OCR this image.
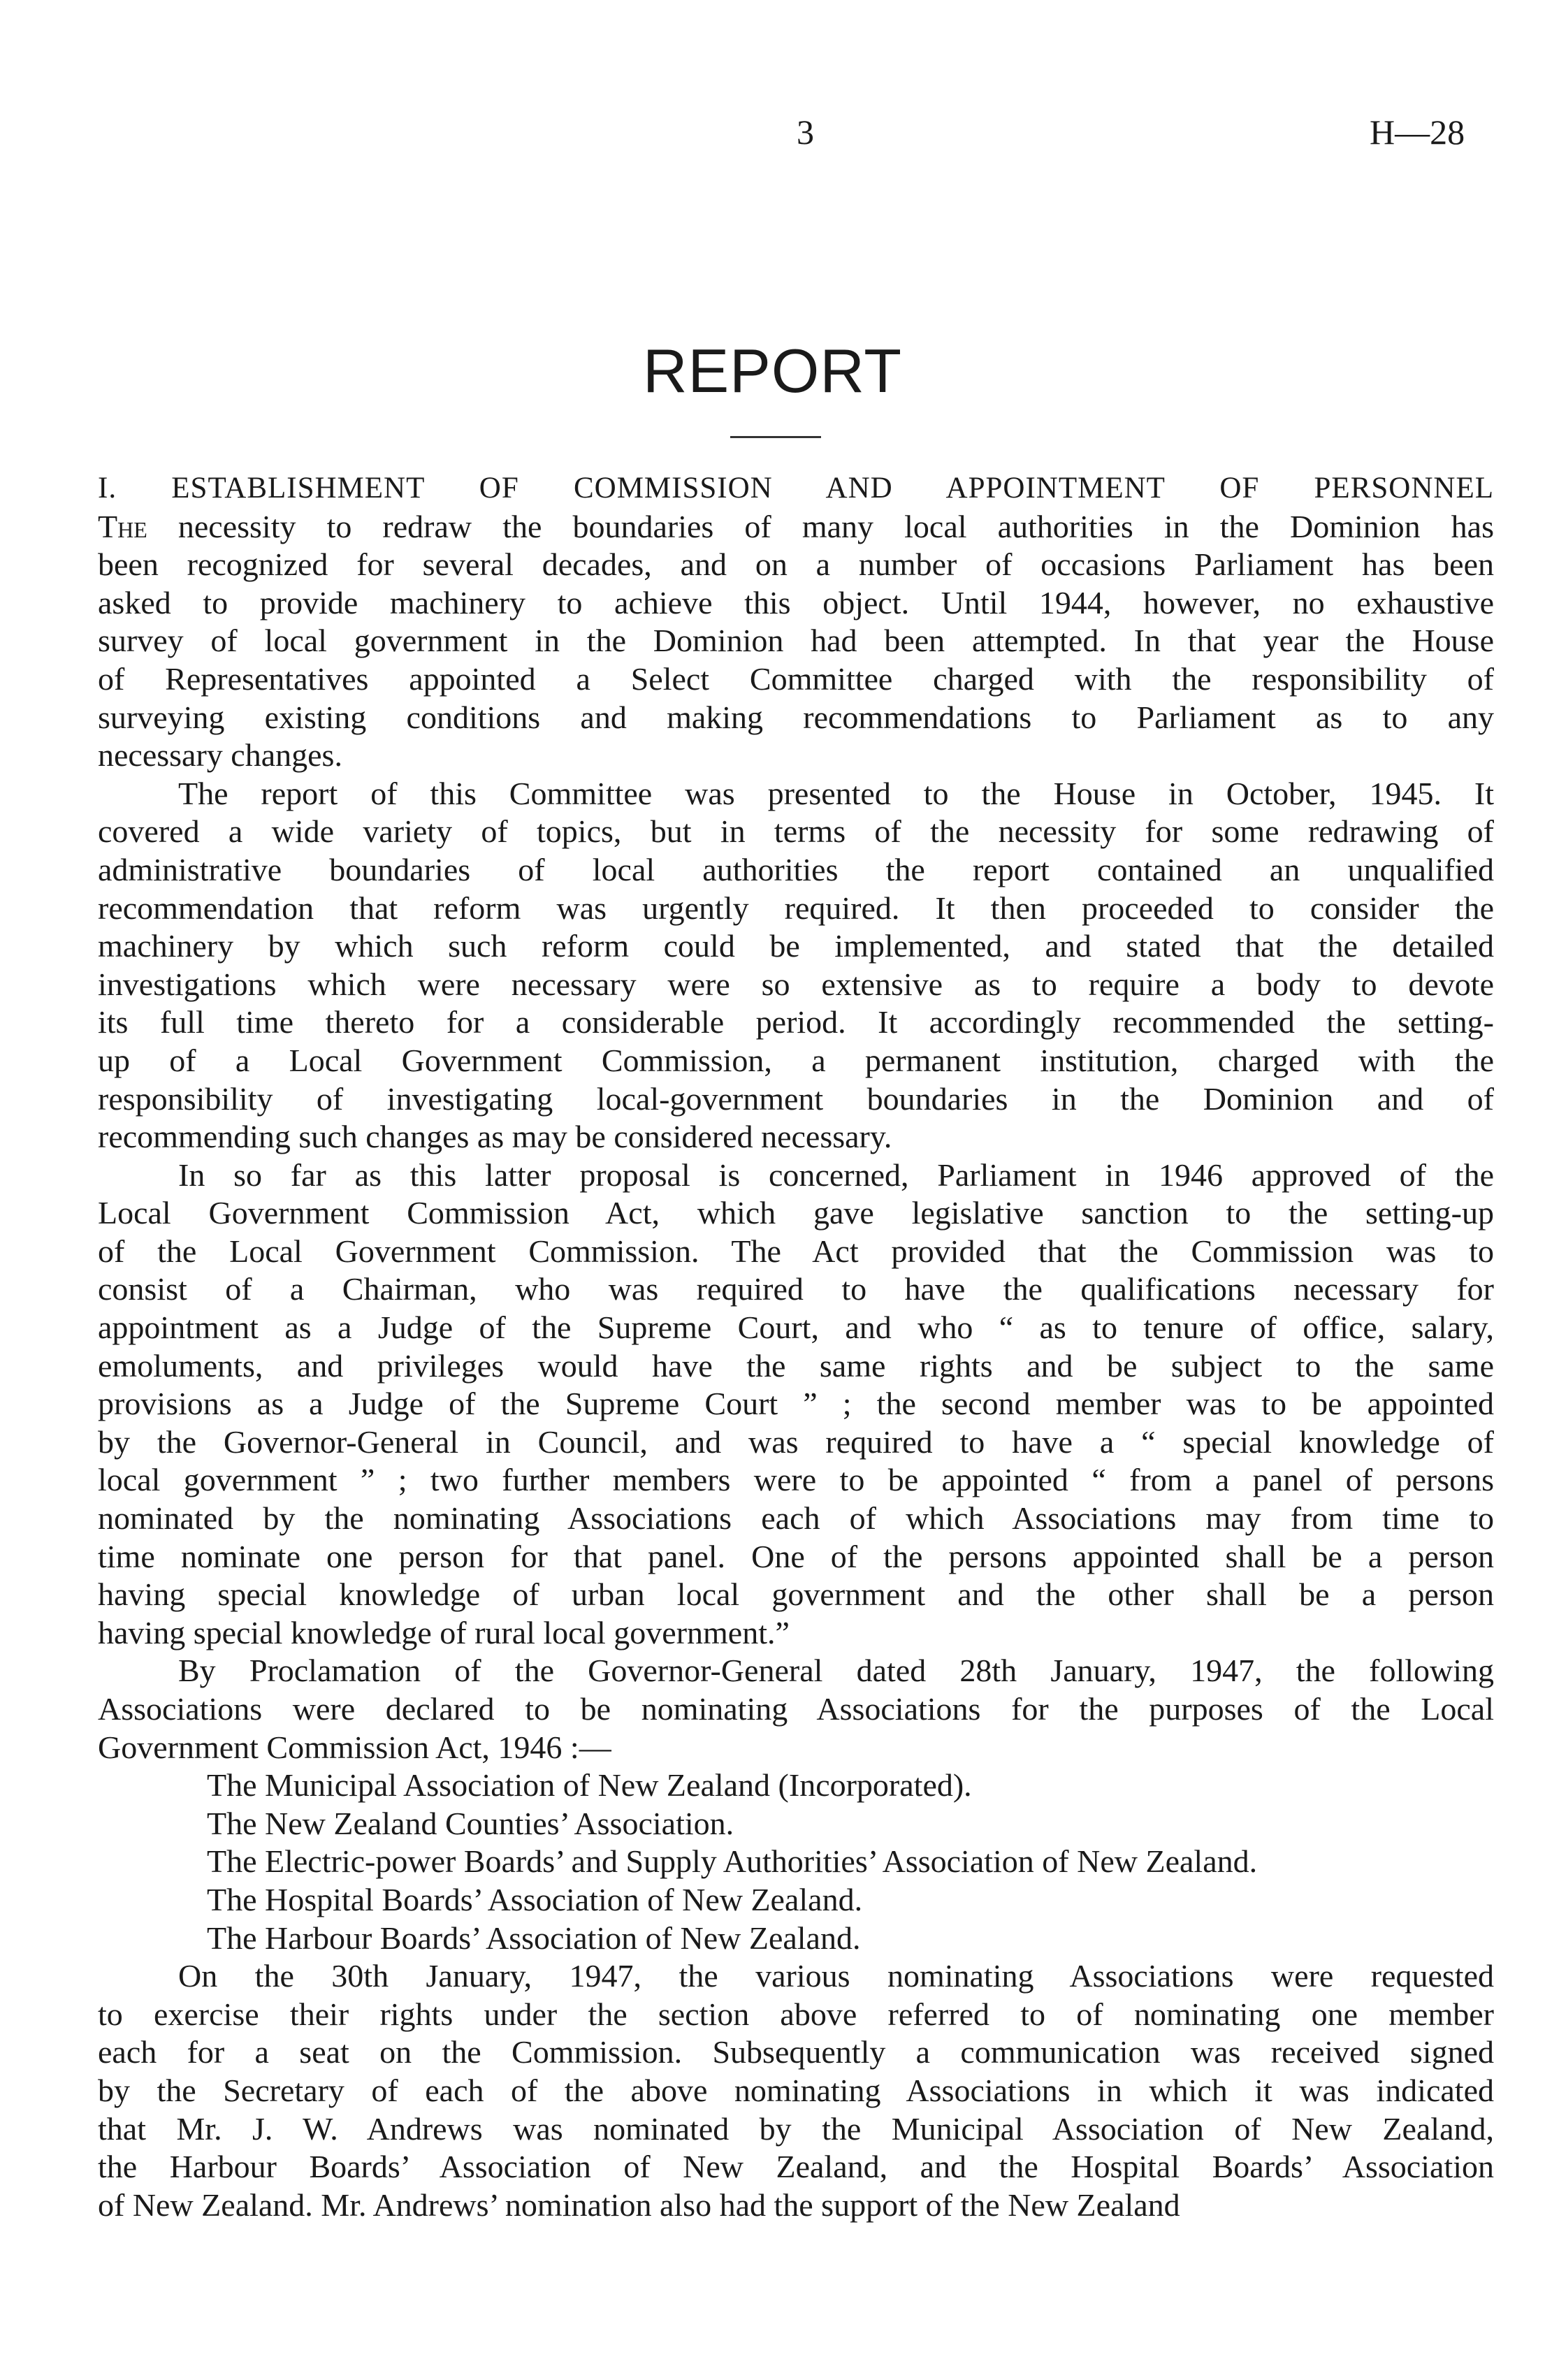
3	H—28
REPORT
I. ESTABLISHMENT OF COMMISSION AND APPOINTMENT OF PERSONNEL
The necessity to redraw the boundaries of many local authorities in the Dominion has
been recognized for several decades, and on a number of occasions Parliament has been
asked to provide machinery to achieve this object. Until 1944, however, no exhaustive
survey of local government in the Dominion had been attempted. In that year the House
of Representatives appointed a Select Committee charged with the responsibility of
surveying existing conditions and making recommendations to Parliament as to any
necessary changes.
The report of this Committee was presented to the House in October, 1945. It
covered a wide variety of topics, but in terms of the necessity for some redrawing of
administrative boundaries of local authorities the report contained an unqualified
recommendation that reform was urgently required. It then proceeded to consider the
machinery by which such reform could be implemented, and stated that the detailed
investigations which were necessary were so extensive as to require a body to devote
its full time thereto for a considerable period. It accordingly recommended the setting-
up of a Local Government Commission, a permanent institution, charged with the
responsibility of investigating local-government boundaries in the Dominion and of
recommending such changes as may be considered necessary.
In so far as this latter proposal is concerned, Parliament in 1946 approved of the
Local Government Commission Act, which gave legislative sanction to the setting-up
of the Local Government Commission. The Act provided that the Commission was to
consist of a Chairman, who was required to have the qualifications necessary for
appointment as a Judge of the Supreme Court, and who “ as to tenure of office, salary,
emoluments, and privileges would have the same rights and be subject to the same
provisions as a Judge of the Supreme Court ” ; the second member was to be appointed
by the Governor-General in Council, and was required to have a “ special knowledge of
local government ” ; two further members were to be appointed “ from a panel of persons
nominated by the nominating Associations each of which Associations may from time to
time nominate one person for that panel. One of the persons appointed shall be a person
having special knowledge of urban local government and the other shall be a person
having special knowledge of rural local government.”
By Proclamation of the Governor-General dated 28th January, 1947, the following
Associations were declared to be nominating Associations for the purposes of the Local
Government Commission Act, 1946 :—
The Municipal Association of New Zealand (Incorporated).
The New Zealand Counties’ Association.
The Electric-power Boards’ and Supply Authorities’ Association of New Zealand.
The Hospital Boards’ Association of New Zealand.
The Harbour Boards’ Association of New Zealand.
On the 30th January, 1947, the various nominating Associations were requested
to exercise their rights under the section above referred to of nominating one member
each for a seat on the Commission. Subsequently a communication was received signed
by the Secretary of each of the above nominating Associations in which it was indicated
that Mr. J. W. Andrews was nominated by the Municipal Association of New Zealand,
the Harbour Boards’ Association of New Zealand, and the Hospital Boards’ Association
of New Zealand. Mr. Andrews’ nomination also had the support of the New Zealand
